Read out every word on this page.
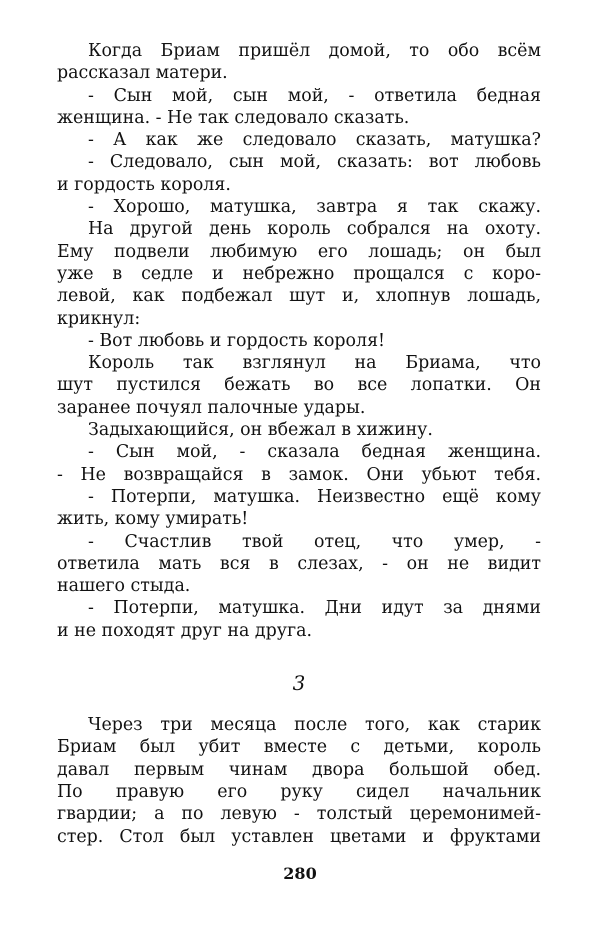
Когда Бриам пришёл домой, то обо всём
рассказал матери.
- Сын мой, сын мой, - ответила бедная
женщина. - Не так следовало сказать.
- А как же следовало сказать, матушка?
- Следовало, сын мой, сказать: вот любовь
и гордость короля.
- Хорошо, матушка, завтра я так скажу.
На другой день король собрался на охоту.
Ему подвели любимую его лошадь; он был
уже в седле и небрежно прощался с коро-
левой, как подбежал шут и, хлопнув лошадь,
крикнул:
- Вот любовь и гордость короля!
Король так взглянул на Бриама, что
шут пустился бежать во все лопатки. Он
заранее почуял палочные удары.
Задыхающийся, он вбежал в хижину.
- Сын мой, - сказала бедная женщина.
- Не возвращайся в замок. Они убьют тебя.
- Потерпи, матушка. Неизвестно ещё кому
жить, кому умирать!
- Счастлив твой отец, что умер, -
ответила мать вся в слезах, - он не видит
нашего стыда.
- Потерпи, матушка. Дни идут за днями
и не походят друг на друга.
3
Через три месяца после того, как старик
Бриам был убит вместе с детьми, король
давал первым чинам двора большой обед.
По правую его руку сидел начальник
гвардии; а по левую - толстый церемонимей-
стер. Стол был уставлен цветами и фруктами
280
